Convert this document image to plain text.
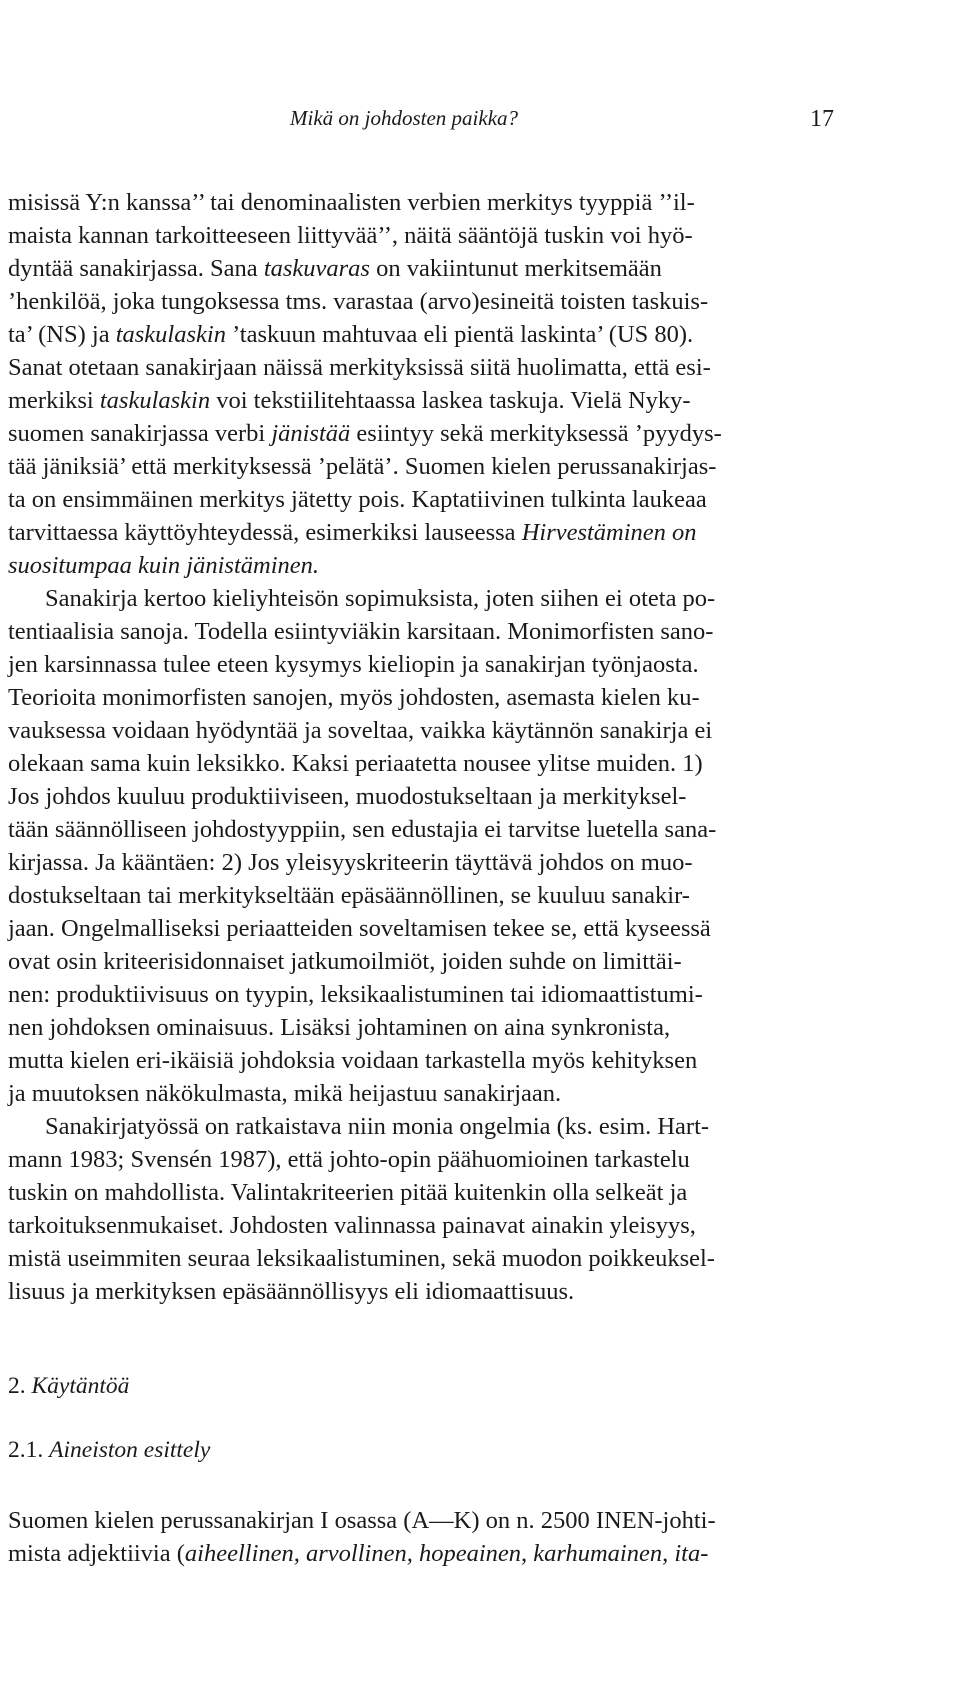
Mikä on johdosten paikka?	17

misissä Y:n kanssa’’ tai denominaalisten verbien merkitys tyyppiä ’’il-
maista kannan tarkoitteeseen liittyvää’’, näitä sääntöjä tuskin voi hyö-
dyntää sanakirjassa. Sana taskuvaras on vakiintunut merkitsemään
’henkilöä, joka tungoksessa tms. varastaa (arvo)esineitä toisten taskuis-
ta’ (NS) ja taskulaskin ’taskuun mahtuvaa eli pientä laskinta’ (US 80).
Sanat otetaan sanakirjaan näissä merkityksissä siitä huolimatta, että esi-
merkiksi taskulaskin voi tekstiilitehtaassa laskea taskuja. Vielä Nyky-
suomen sanakirjassa verbi jänistää esiintyy sekä merkityksessä ’pyydys-
tää jäniksiä’ että merkityksessä ’pelätä’. Suomen kielen perussanakirjas-
ta on ensimmäinen merkitys jätetty pois. Kaptatiivinen tulkinta laukeaa
tarvittaessa käyttöyhteydessä, esimerkiksi lauseessa Hirvestäminen on
suositumpaa kuin jänistäminen.

Sanakirja kertoo kieliyhteisön sopimuksista, joten siihen ei oteta po-
tentiaalisia sanoja. Todella esiintyviäkin karsitaan. Monimorfisten sano-
jen karsinnassa tulee eteen kysymys kieliopin ja sanakirjan työnjaosta.
Teorioita monimorfisten sanojen, myös johdosten, asemasta kielen ku-
vauksessa voidaan hyödyntää ja soveltaa, vaikka käytännön sanakirja ei
olekaan sama kuin leksikko. Kaksi periaatetta nousee ylitse muiden. 1)
Jos johdos kuuluu produktiiviseen, muodostukseltaan ja merkityksel-
tään säännölliseen johdostyyppiin, sen edustajia ei tarvitse luetella sana-
kirjassa. Ja kääntäen: 2) Jos yleisyyskriteerin täyttävä johdos on muo-
dostukseltaan tai merkitykseltään epäsäännöllinen, se kuuluu sanakir-
jaan. Ongelmalliseksi periaatteiden soveltamisen tekee se, että kyseessä
ovat osin kriteerisidonnaiset jatkumoilmiöt, joiden suhde on limittäi-
nen: produktiivisuus on tyypin, leksikaalistuminen tai idiomaattistumi-
nen johdoksen ominaisuus. Lisäksi johtaminen on aina synkronista,
mutta kielen eri-ikäisiä johdoksia voidaan tarkastella myös kehityksen
ja muutoksen näkökulmasta, mikä heijastuu sanakirjaan.

Sanakirjatyössä on ratkaistava niin monia ongelmia (ks. esim. Hart-
mann 1983; Svensén 1987), että johto-opin päähuomioinen tarkastelu
tuskin on mahdollista. Valintakriteerien pitää kuitenkin olla selkeät ja
tarkoituksenmukaiset. Johdosten valinnassa painavat ainakin yleisyys,
mistä useimmiten seuraa leksikaalistuminen, sekä muodon poikkeuksel-
lisuus ja merkityksen epäsäännöllisyys eli idiomaattisuus.

2. Käytäntöä
2.1. Aineiston esittely

Suomen kielen perussanakirjan I osassa (A—K) on n. 2500 INEN-johti-
mista adjektiivia (aiheellinen, arvollinen, hopeainen, karhumainen, ita-
